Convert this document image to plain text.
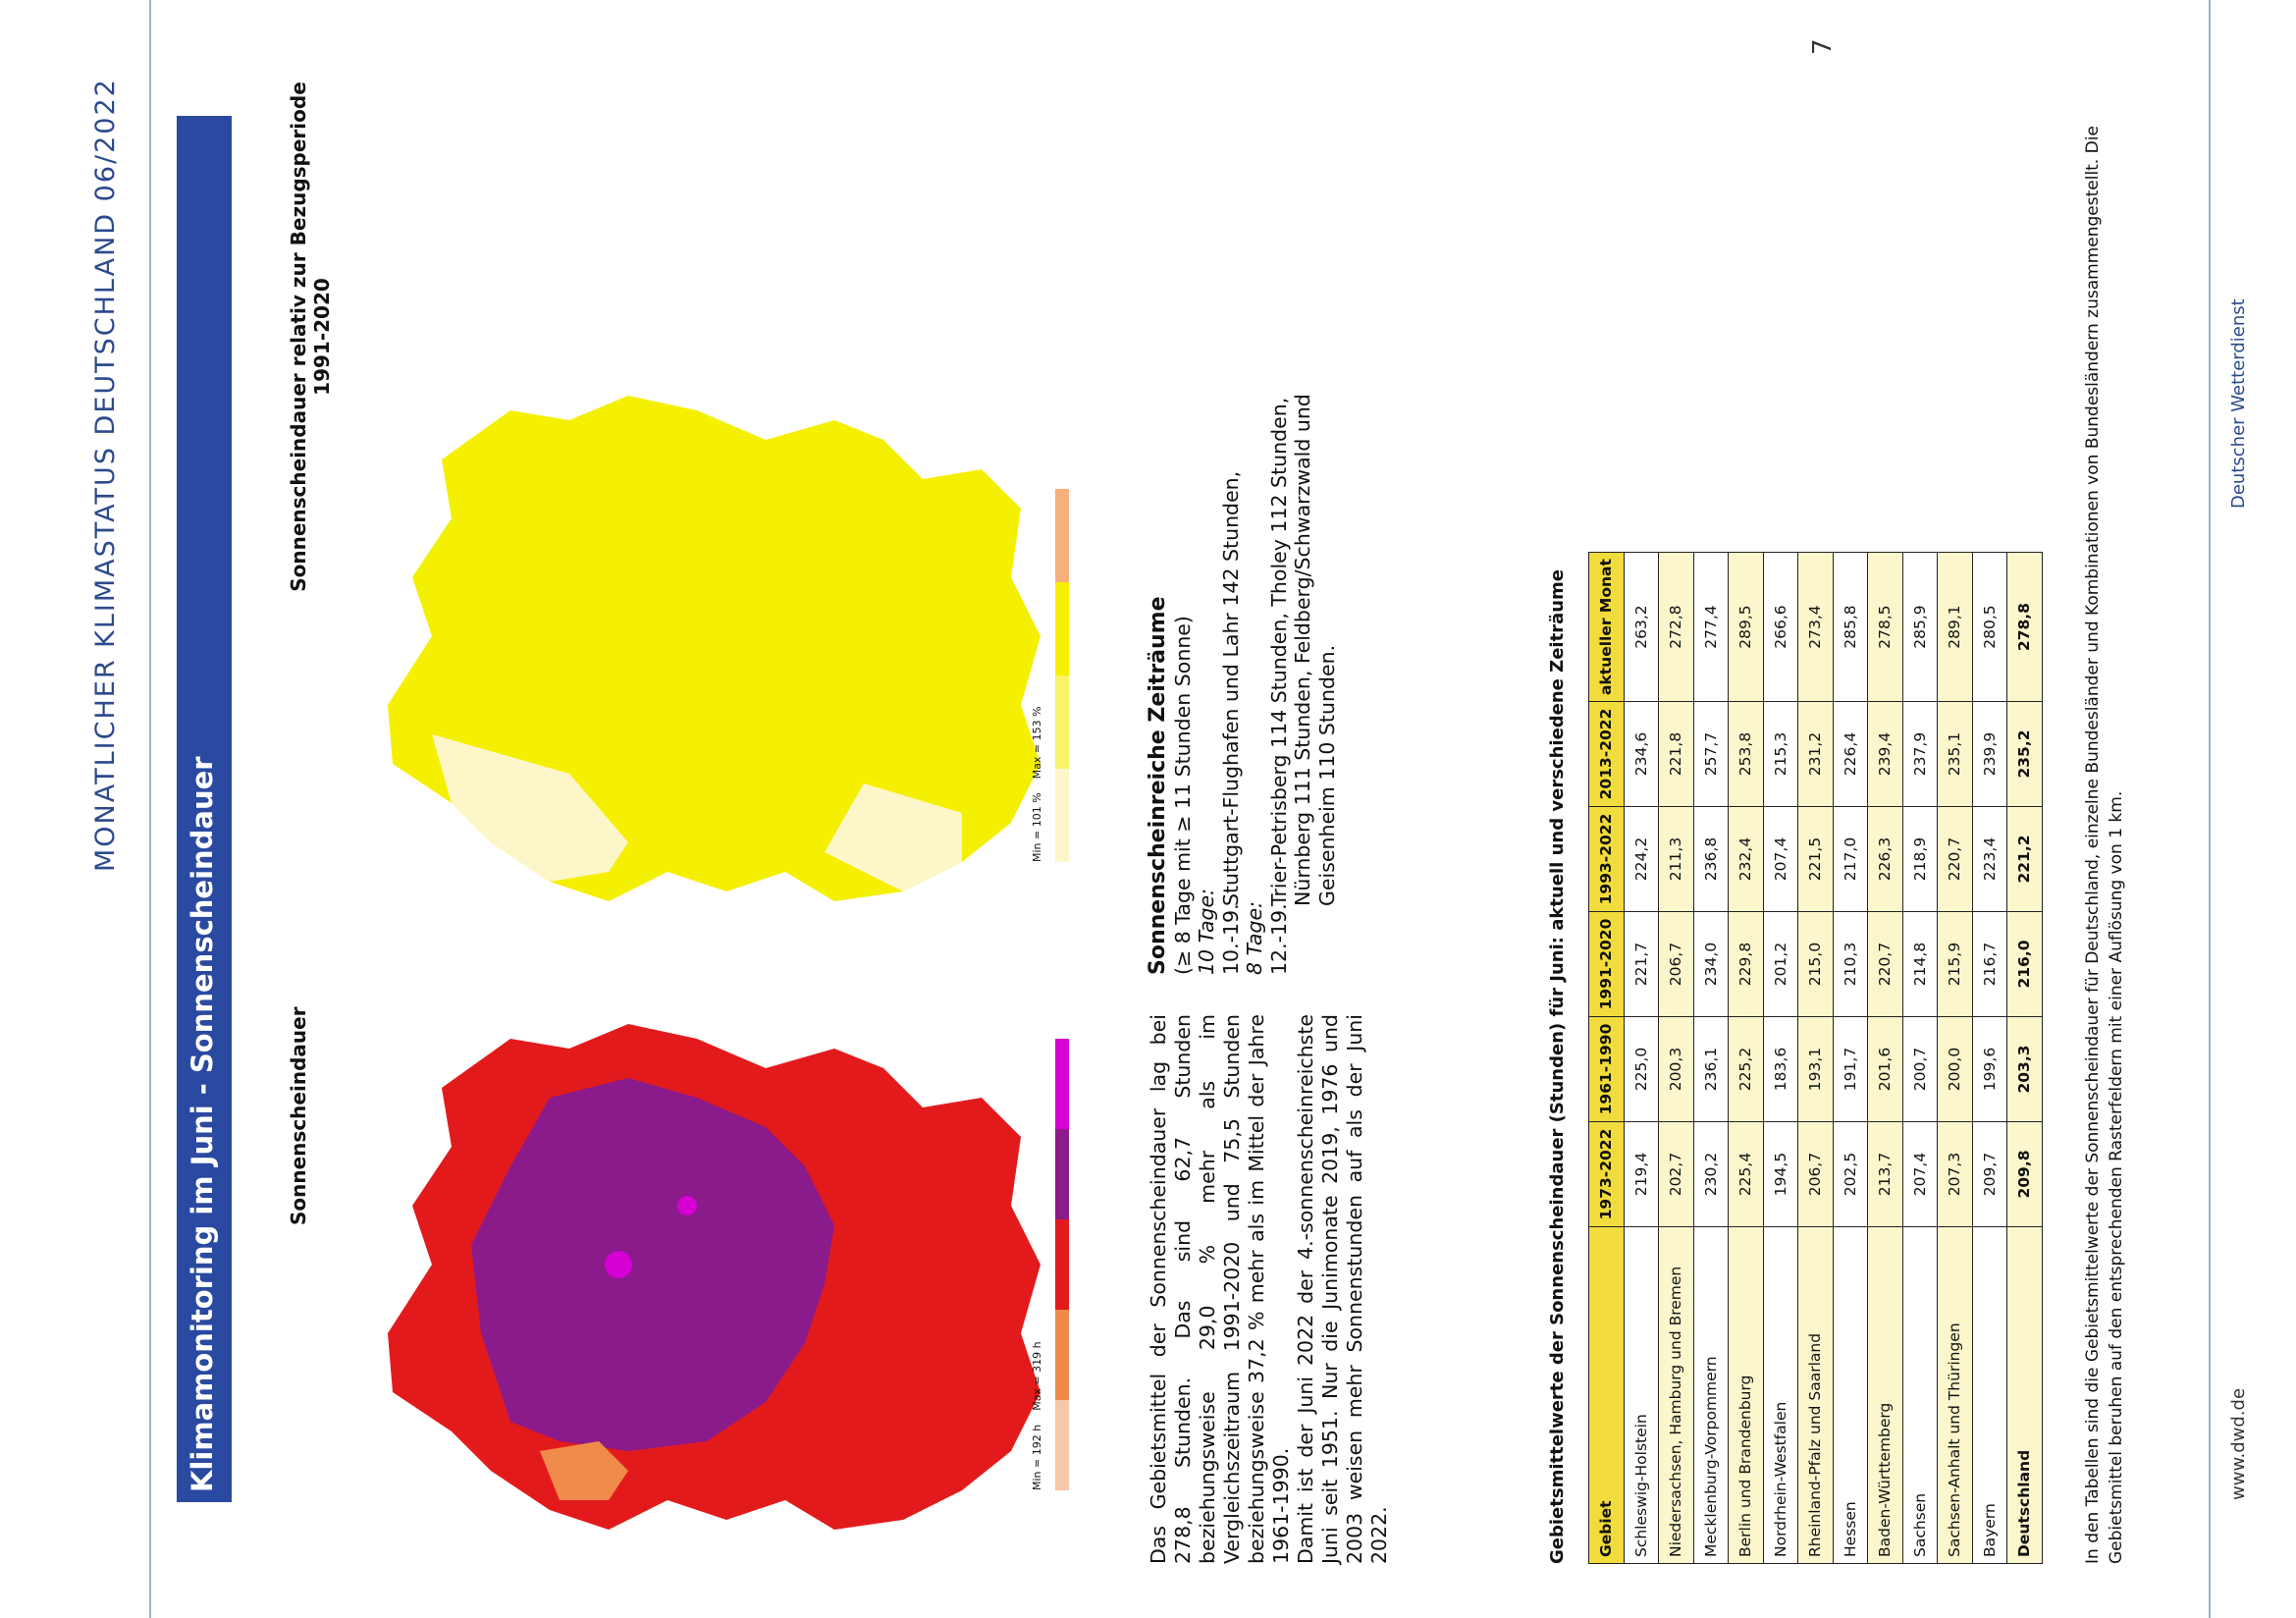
MONATLICHER KLIMASTATUS DEUTSCHLAND 06/2022
7
Klimamonitoring im Juni - Sonnenscheindauer	Sonnenscheindauer
Min = 192 h    Max = 319 h
Sonnenscheindauer relativ zur Bezugsperiode 1991-2020
Min = 101 %    Max = 153 %
Das Gebietsmittel der Sonnenscheindauer lag bei 278,8 Stunden. Das sind 62,7 Stunden beziehungsweise 29,0 % mehr als im Vergleichszeitraum 1991-2020 und 75,5 Stunden beziehungsweise 37,2 % mehr als im Mittel der Jahre 1961-1990. Damit ist der Juni 2022 der 4.-sonnenscheinreichste Juni seit 1951. Nur die Junimonate 2019, 1976 und 2003 weisen mehr Sonnenstunden auf als der Juni 2022.
Sonnenscheinreiche Zeiträume (≥ 8 Tage mit ≥ 11 Stunden Sonne) 10 Tage: 10.-19.
Stuttgart-Flughafen und Lahr 142 Stunden,
8 Tage: 12.-19.
Trier-Petrisberg 114 Stunden, Tholey 112 Stunden, Nürnberg 111 Stunden, Feldberg/Schwarzwald und Geisenheim 110 Stunden.	Gebietsmittelwerte der Sonnenscheindauer (Stunden) für Juni: aktuell und verschiedene Zeiträume Gebiet	1973-2022	1961-1990	1991-2020	1993-2022	2013-2022	aktueller Monat
Schleswig-Holstein	219,4	225,0	221,7	224,2	234,6	263,2
Niedersachsen, Hamburg und Bremen	202,7	200,3	206,7	211,3	221,8	272,8
Mecklenburg-Vorpommern	230,2	236,1	234,0	236,8	257,7	277,4
Berlin und Brandenburg	225,4	225,2	229,8	232,4	253,8	289,5
Nordrhein-Westfalen	194,5	183,6	201,2	207,4	215,3	266,6
Rheinland-Pfalz und Saarland	206,7	193,1	215,0	221,5	231,2	273,4
Hessen	202,5	191,7	210,3	217,0	226,4	285,8
Baden-Württemberg	213,7	201,6	220,7	226,3	239,4	278,5
Sachsen	207,4	200,7	214,8	218,9	237,9	285,9
Sachsen-Anhalt und Thüringen	207,3	200,0	215,9	220,7	235,1	289,1
Bayern	209,7	199,6	216,7	223,4	239,9	280,5
Deutschland	209,8	203,3	216,0	221,2	235,2	278,8	In den Tabellen sind die Gebietsmittelwerte der Sonnenscheindauer für Deutschland, einzelne Bundesländer und Kombinationen von Bundesländern zusammengestellt. Die Gebietsmittel beruhen auf den entsprechenden Rasterfeldern mit einer Auflösung von 1 km.	www.dwd.de
Deutscher Wetterdienst
